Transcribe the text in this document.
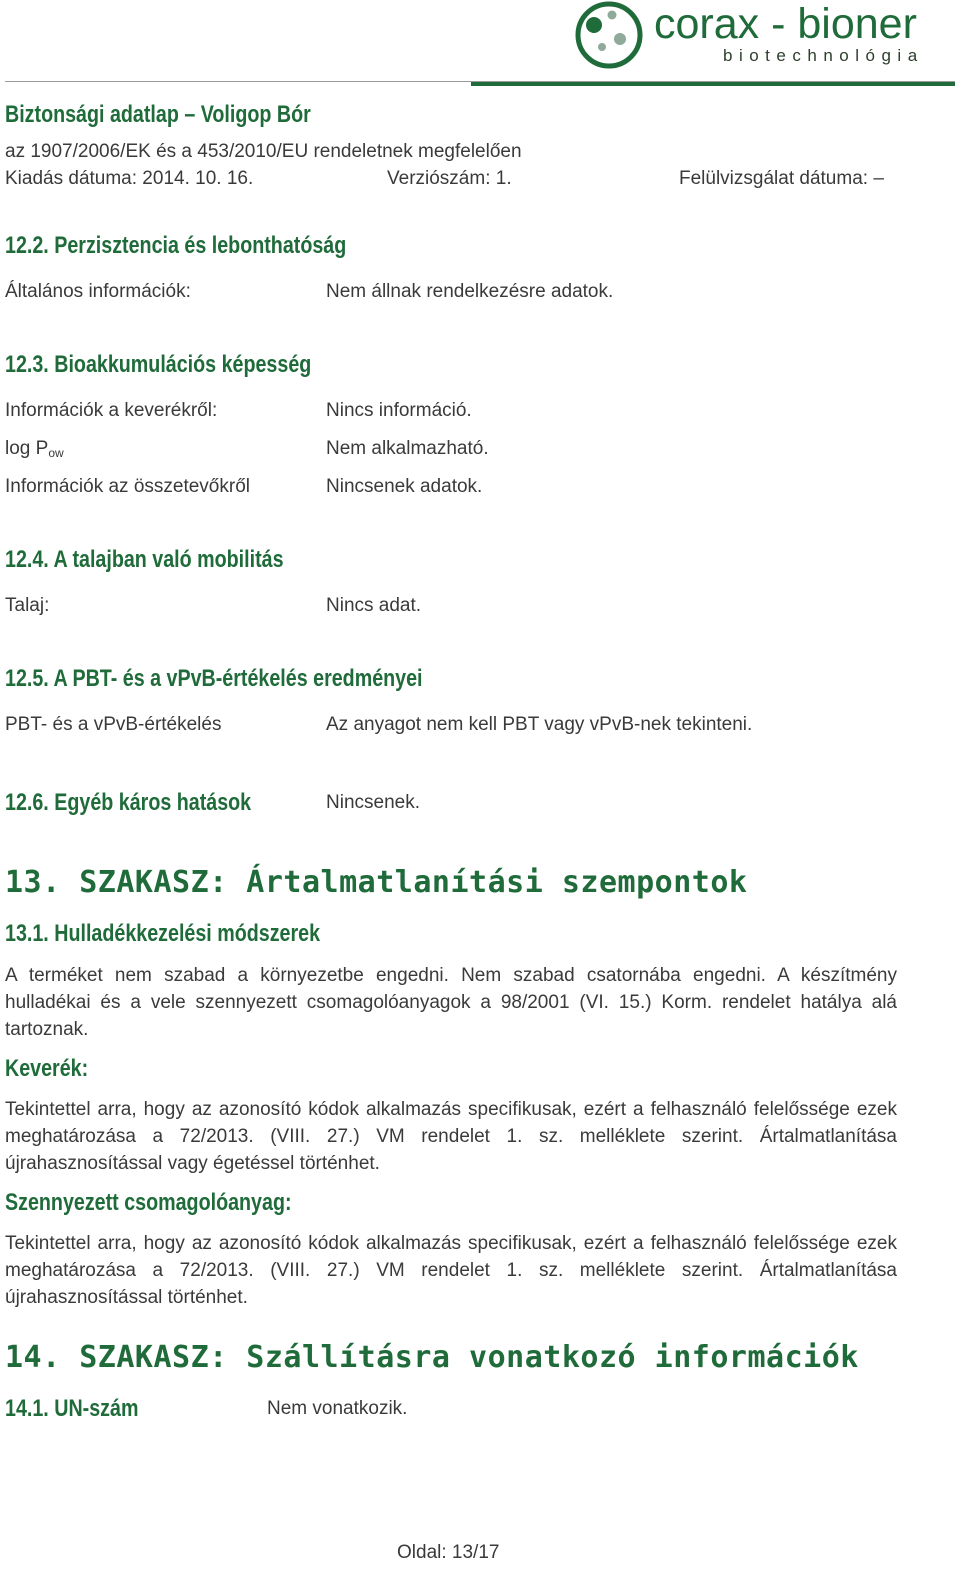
corax - bioner
biotechnológia
Biztonsági adatlap – Voligop Bór
az 1907/2006/EK és a 453/2010/EU rendeletnek megfelelően
Kiadás dátuma: 2014. 10. 16.	Verziószám: 1.	Felülvizsgálat dátuma: –
12.2. Perzisztencia és lebonthatóság
Általános információk:	Nem állnak rendelkezésre adatok.
12.3. Bioakkumulációs képesség
Információk a keverékről:	Nincs információ.
$\log P_{ow}$	Nem alkalmazható.
Információk az összetevőkről	Nincsenek adatok.
12.4. A talajban való mobilitás
Talaj:	Nincs adat.
12.5. A PBT- és a vPvB-értékelés eredményei
PBT- és a vPvB-értékelés	Az anyagot nem kell PBT vagy vPvB-nek tekinteni.
12.6. Egyéb káros hatások	Nincsenek.
13. SZAKASZ: Ártalmatlanítási szempontok
13.1. Hulladékkezelési módszerek
A terméket nem szabad a környezetbe engedni. Nem szabad csatornába engedni. A készítmény hulladékai és a vele szennyezett csomagolóanyagok a 98/2001 (VI. 15.) Korm. rendelet hatálya alá tartoznak.
Keverék:
Tekintettel arra, hogy az azonosító kódok alkalmazás specifikusak, ezért a felhasználó felelőssége ezek meghatározása a 72/2013. (VIII. 27.) VM rendelet 1. sz. melléklete szerint. Ártalmatlanítása újrahasznosítással vagy égetéssel történhet.
Szennyezett csomagolóanyag:
Tekintettel arra, hogy az azonosító kódok alkalmazás specifikusak, ezért a felhasználó felelőssége ezek meghatározása a 72/2013. (VIII. 27.) VM rendelet 1. sz. melléklete szerint. Ártalmatlanítása újrahasznosítással történhet.
14. SZAKASZ: Szállításra vonatkozó információk
14.1. UN-szám	Nem vonatkozik.
Oldal: 13/17
